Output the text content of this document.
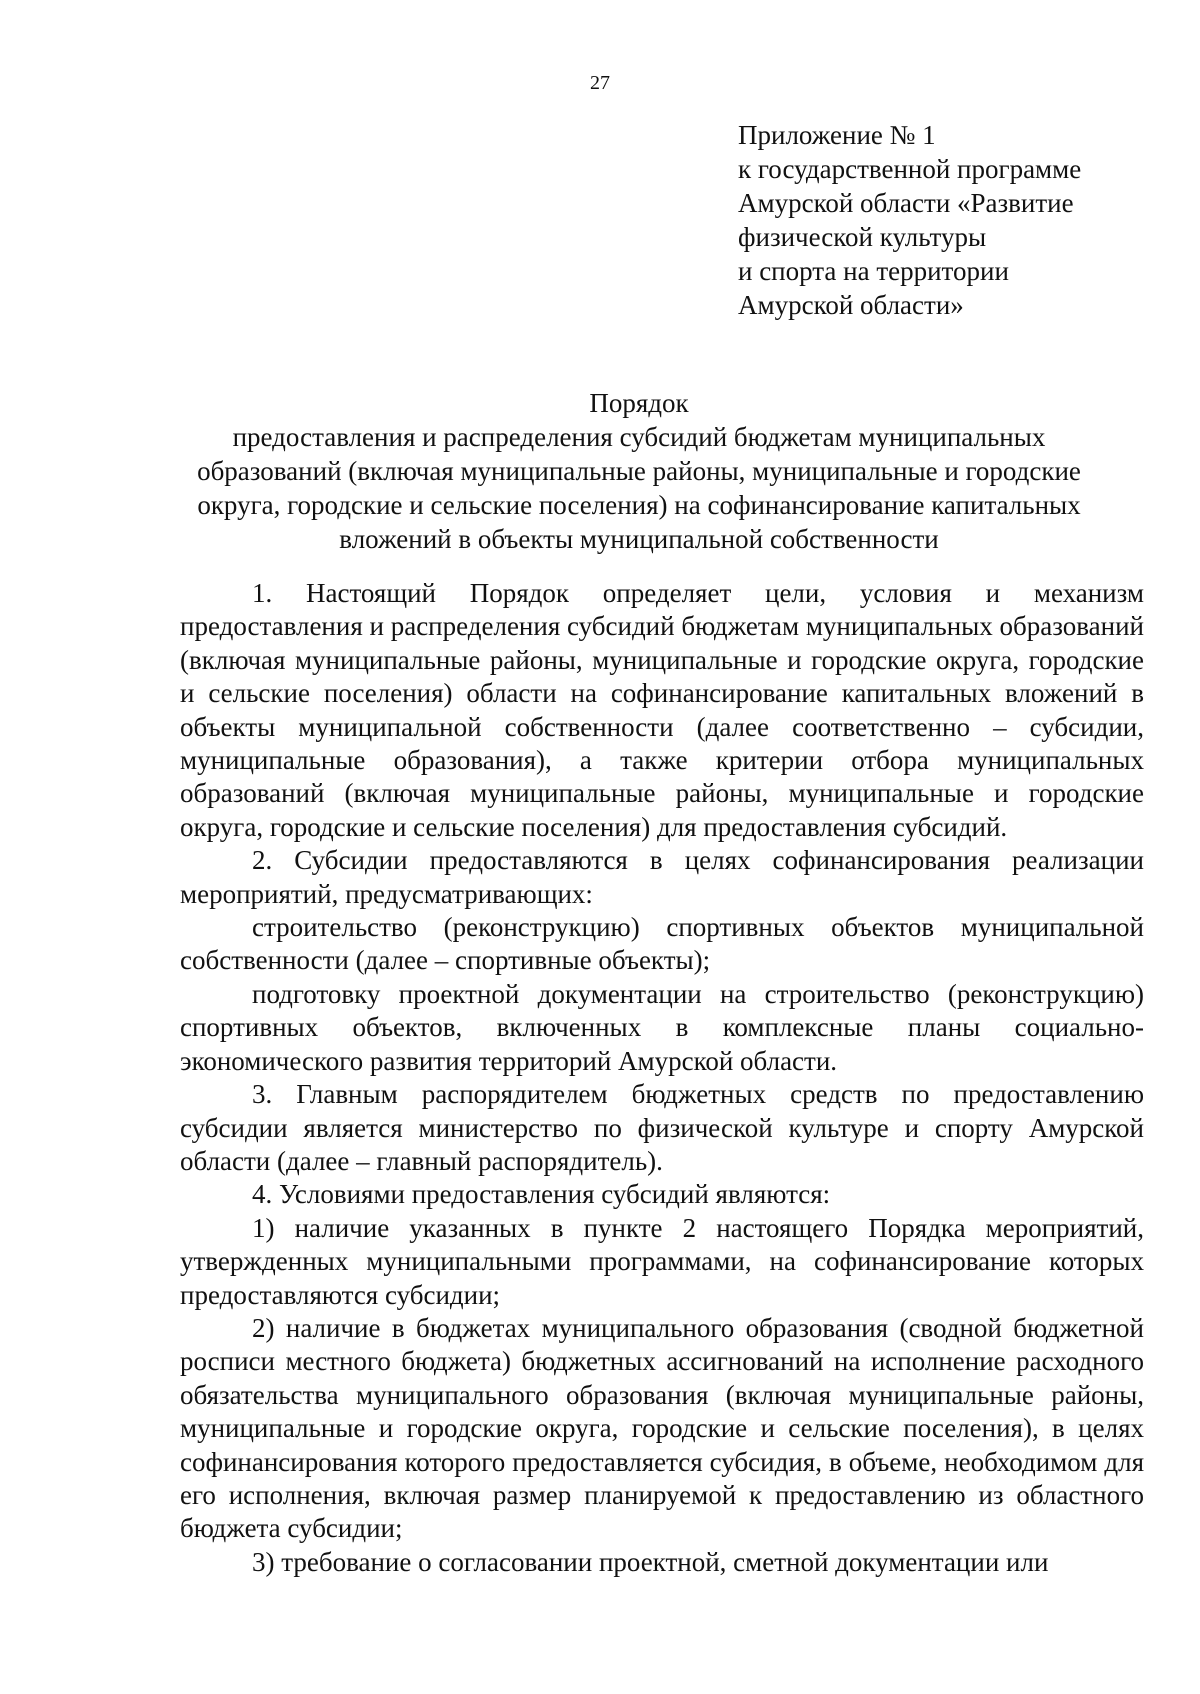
27
Приложение № 1
к государственной программе
Амурской области «Развитие
физической культуры
и спорта на территории
Амурской области»
Порядок
предоставления и распределения субсидий бюджетам муниципальных образований (включая муниципальные районы, муниципальные и городские округа, городские и сельские поселения) на софинансирование капитальных вложений в объекты муниципальной собственности

1. Настоящий Порядок определяет цели, условия и механизм предоставления и распределения субсидий бюджетам муниципальных образований (включая муниципальные районы, муниципальные и городские округа, городские и сельские поселения) области на софинансирование капитальных вложений в объекты муниципальной собственности (далее соответственно – субсидии, муниципальные образования), а также критерии отбора муниципальных образований (включая муниципальные районы, муниципальные и городские округа, городские и сельские поселения) для предоставления субсидий.

2. Субсидии предоставляются в целях софинансирования реализации мероприятий, предусматривающих:

строительство (реконструкцию) спортивных объектов муниципальной собственности (далее – спортивные объекты);

подготовку проектной документации на строительство (реконструкцию) спортивных объектов, включенных в комплексные планы социально-экономического развития территорий Амурской области.

3. Главным распорядителем бюджетных средств по предоставлению субсидии является министерство по физической культуре и спорту Амурской области (далее – главный распорядитель).

4. Условиями предоставления субсидий являются:

1) наличие указанных в пункте 2 настоящего Порядка мероприятий, утвержденных муниципальными программами, на софинансирование которых предоставляются субсидии;

2) наличие в бюджетах муниципального образования (сводной бюджетной росписи местного бюджета) бюджетных ассигнований на исполнение расходного обязательства муниципального образования (включая муниципальные районы, муниципальные и городские округа, городские и сельские поселения), в целях софинансирования которого предоставляется субсидия, в объеме, необходимом для его исполнения, включая размер планируемой к предоставлению из областного бюджета субсидии;

3) требование о согласовании проектной, сметной документации или
